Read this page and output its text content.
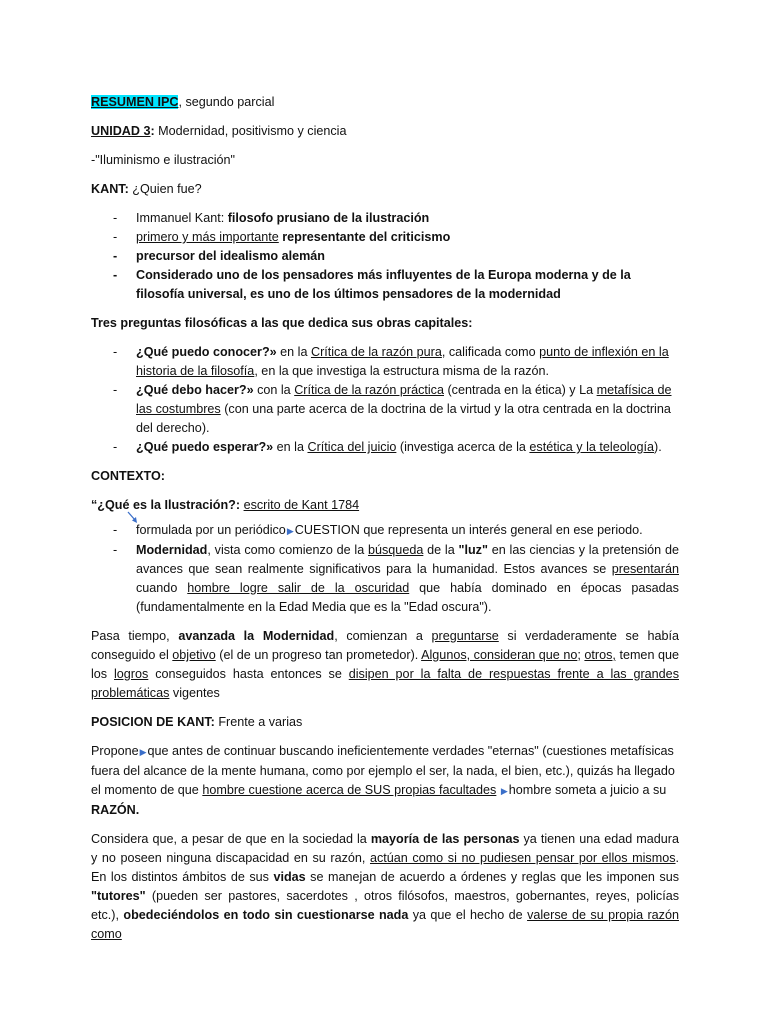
RESUMEN IPC, segundo parcial

UNIDAD 3: Modernidad, positivismo y ciencia

-"Iluminismo e ilustración"

KANT: ¿Quien fue?

- Immanuel Kant: filosofo prusiano de la ilustración
- primero y más importante representante del criticismo
- precursor del idealismo alemán
- Considerado uno de los pensadores más influyentes de la Europa moderna y de la filosofía universal, es uno de los últimos pensadores de la modernidad

Tres preguntas filosóficas a las que dedica sus obras capitales:

- ¿Qué puedo conocer?» en la Crítica de la razón pura, calificada como punto de inflexión en la historia de la filosofía, en la que investiga la estructura misma de la razón.
- ¿Qué debo hacer?» con la Crítica de la razón práctica (centrada en la ética) y La metafísica de las costumbres (con una parte acerca de la doctrina de la virtud y la otra centrada en la doctrina del derecho).
- ¿Qué puedo esperar?» en la Crítica del juicio (investiga acerca de la estética y la teleología).

CONTEXTO:

“¿Qué es la Ilustración?: escrito de Kant 1784

- formulada por un periódico▶CUESTION que representa un interés general en ese periodo.
- Modernidad, vista como comienzo de la búsqueda de la "luz" en las ciencias y la pretensión de avances que sean realmente significativos para la humanidad. Estos avances se presentarán cuando hombre logre salir de la oscuridad que había dominado en épocas pasadas (fundamentalmente en la Edad Media que es la "Edad oscura").

Pasa tiempo, avanzada la Modernidad, comienzan a preguntarse si verdaderamente se había conseguido el objetivo (el de un progreso tan prometedor). Algunos, consideran que no; otros, temen que los logros conseguidos hasta entonces se disipen por la falta de respuestas frente a las grandes problemáticas vigentes

POSICION DE KANT: Frente a varias

Propone▶que antes de continuar buscando ineficientemente verdades "eternas" (cuestiones metafísicas fuera del alcance de la mente humana, como por ejemplo el ser, la nada, el bien, etc.), quizás ha llegado el momento de que hombre cuestione acerca de SUS propias facultades ▶hombre someta a juicio a su RAZÓN.

Considera que, a pesar de que en la sociedad la mayoría de las personas ya tienen una edad madura y no poseen ninguna discapacidad en su razón, actúan como si no pudiesen pensar por ellos mismos. En los distintos ámbitos de sus vidas se manejan de acuerdo a órdenes y reglas que les imponen sus "tutores" (pueden ser pastores, sacerdotes , otros filósofos, maestros, gobernantes, reyes, policías etc.), obedeciéndolos en todo sin cuestionarse nada ya que el hecho de valerse de su propia razón como
